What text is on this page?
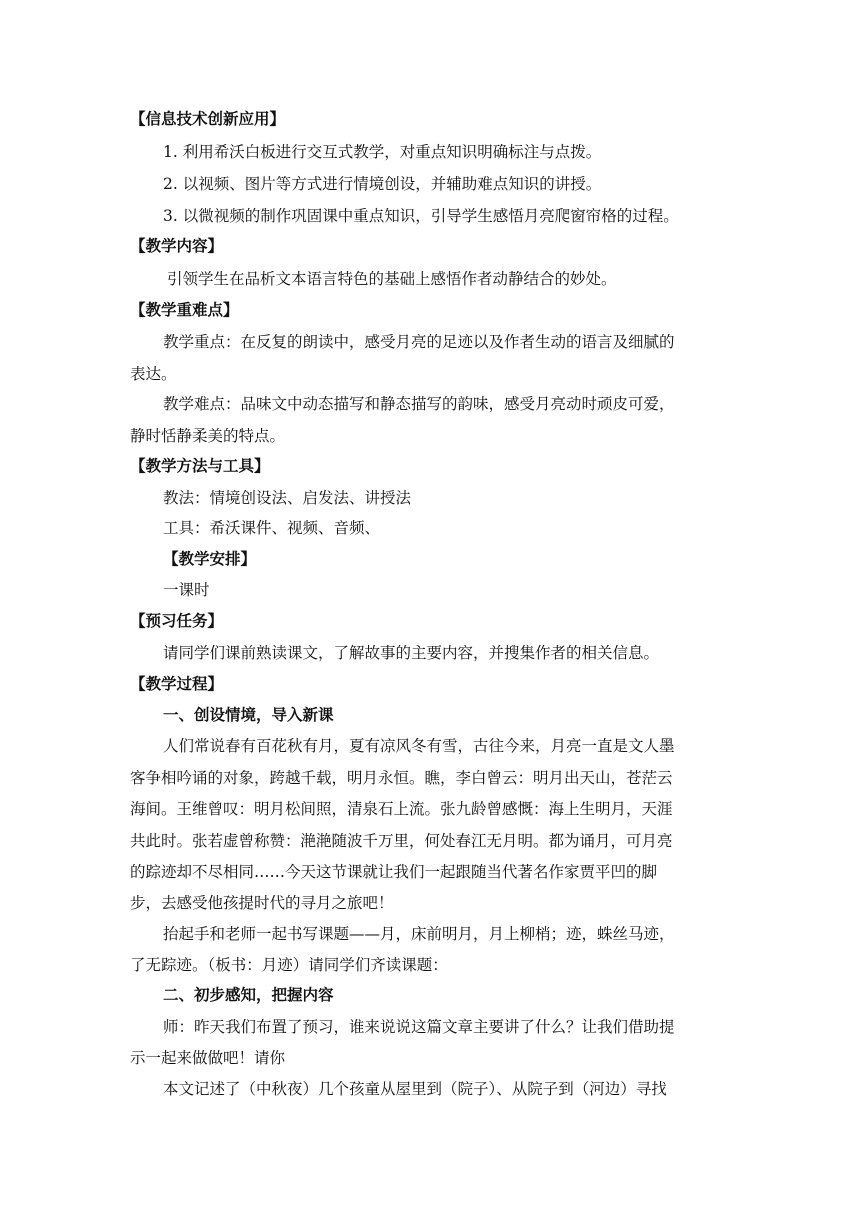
【信息技术创新应用】
1. 利用希沃白板进行交互式教学，对重点知识明确标注与点拨。
2. 以视频、图片等方式进行情境创设，并辅助难点知识的讲授。
3. 以微视频的制作巩固课中重点知识，引导学生感悟月亮爬窗帘格的过程。
【教学内容】
引领学生在品析文本语言特色的基础上感悟作者动静结合的妙处。
【教学重难点】
教学重点：在反复的朗读中，感受月亮的足迹以及作者生动的语言及细腻的
表达。
教学难点：品味文中动态描写和静态描写的韵味，感受月亮动时顽皮可爱，
静时恬静柔美的特点。
【教学方法与工具】
教法：情境创设法、启发法、讲授法
工具：希沃课件、视频、音频、
【教学安排】
一课时
【预习任务】
请同学们课前熟读课文，了解故事的主要内容，并搜集作者的相关信息。
【教学过程】
一、创设情境，导入新课
人们常说春有百花秋有月，夏有凉风冬有雪，古往今来，月亮一直是文人墨
客争相吟诵的对象，跨越千载，明月永恒。瞧，李白曾云：明月出天山，苍茫云
海间。王维曾叹：明月松间照，清泉石上流。张九龄曾感慨：海上生明月，天涯
共此时。张若虚曾称赞：滟滟随波千万里，何处春江无月明。都为诵月，可月亮
的踪迹却不尽相同……今天这节课就让我们一起跟随当代著名作家贾平凹的脚
步，去感受他孩提时代的寻月之旅吧！
抬起手和老师一起书写课题——月，床前明月，月上柳梢；迹，蛛丝马迹，
了无踪迹。（板书：月迹）请同学们齐读课题：
二、初步感知，把握内容
师：昨天我们布置了预习，谁来说说这篇文章主要讲了什么？让我们借助提
示一起来做做吧！请你
本文记述了（中秋夜）几个孩童从屋里到（院子）、从院子到（河边）寻找
